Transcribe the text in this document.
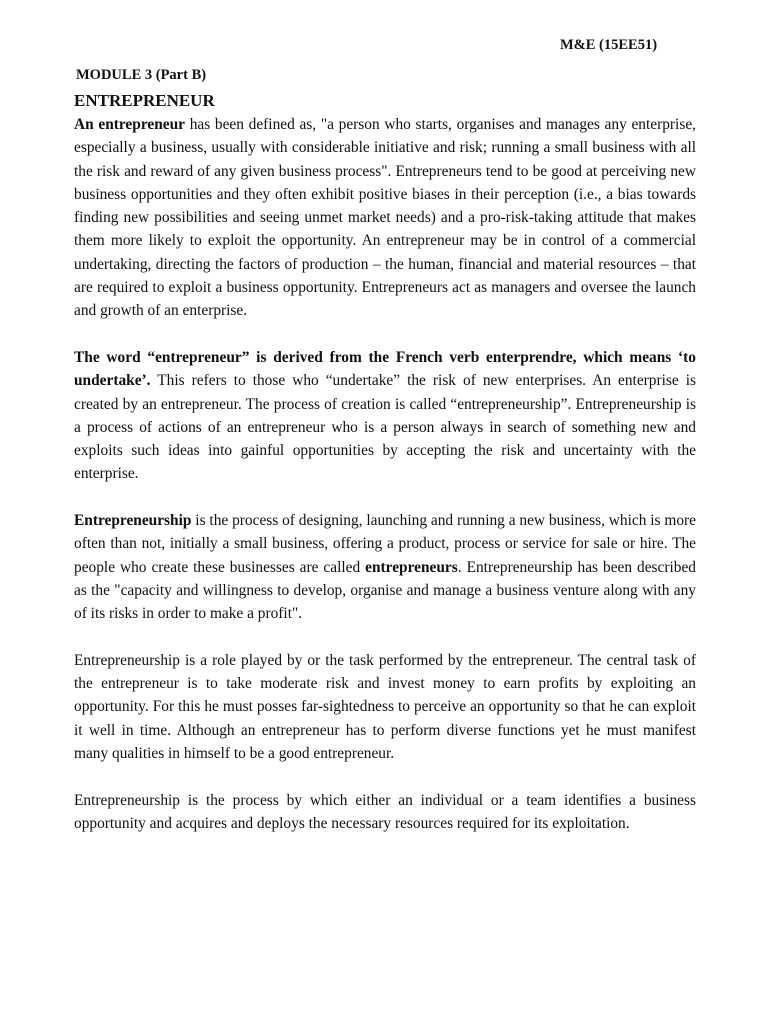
M&E (15EE51)
MODULE 3 (Part B)
ENTREPRENEUR

An entrepreneur has been defined as, "a person who starts, organises and manages any enterprise, especially a business, usually with considerable initiative and risk; running a small business with all the risk and reward of any given business process". Entrepreneurs tend to be good at perceiving new business opportunities and they often exhibit positive biases in their perception (i.e., a bias towards finding new possibilities and seeing unmet market needs) and a pro-risk-taking attitude that makes them more likely to exploit the opportunity. An entrepreneur may be in control of a commercial undertaking, directing the factors of production – the human, financial and material resources – that are required to exploit a business opportunity. Entrepreneurs act as managers and oversee the launch and growth of an enterprise.

The word “entrepreneur” is derived from the French verb enterprendre, which means ‘to undertake’. This refers to those who “undertake” the risk of new enterprises. An enterprise is created by an entrepreneur. The process of creation is called “entrepreneurship”. Entrepreneurship is a process of actions of an entrepreneur who is a person always in search of something new and exploits such ideas into gainful opportunities by accepting the risk and uncertainty with the enterprise.

Entrepreneurship is the process of designing, launching and running a new business, which is more often than not, initially a small business, offering a product, process or service for sale or hire. The people who create these businesses are called entrepreneurs. Entrepreneurship has been described as the "capacity and willingness to develop, organise and manage a business venture along with any of its risks in order to make a profit".

Entrepreneurship is a role played by or the task performed by the entrepreneur. The central task of the entrepreneur is to take moderate risk and invest money to earn profits by exploiting an opportunity. For this he must posses far-sightedness to perceive an opportunity so that he can exploit it well in time. Although an entrepreneur has to perform diverse functions yet he must manifest many qualities in himself to be a good entrepreneur.

Entrepreneurship is the process by which either an individual or a team identifies a business opportunity and acquires and deploys the necessary resources required for its exploitation.
